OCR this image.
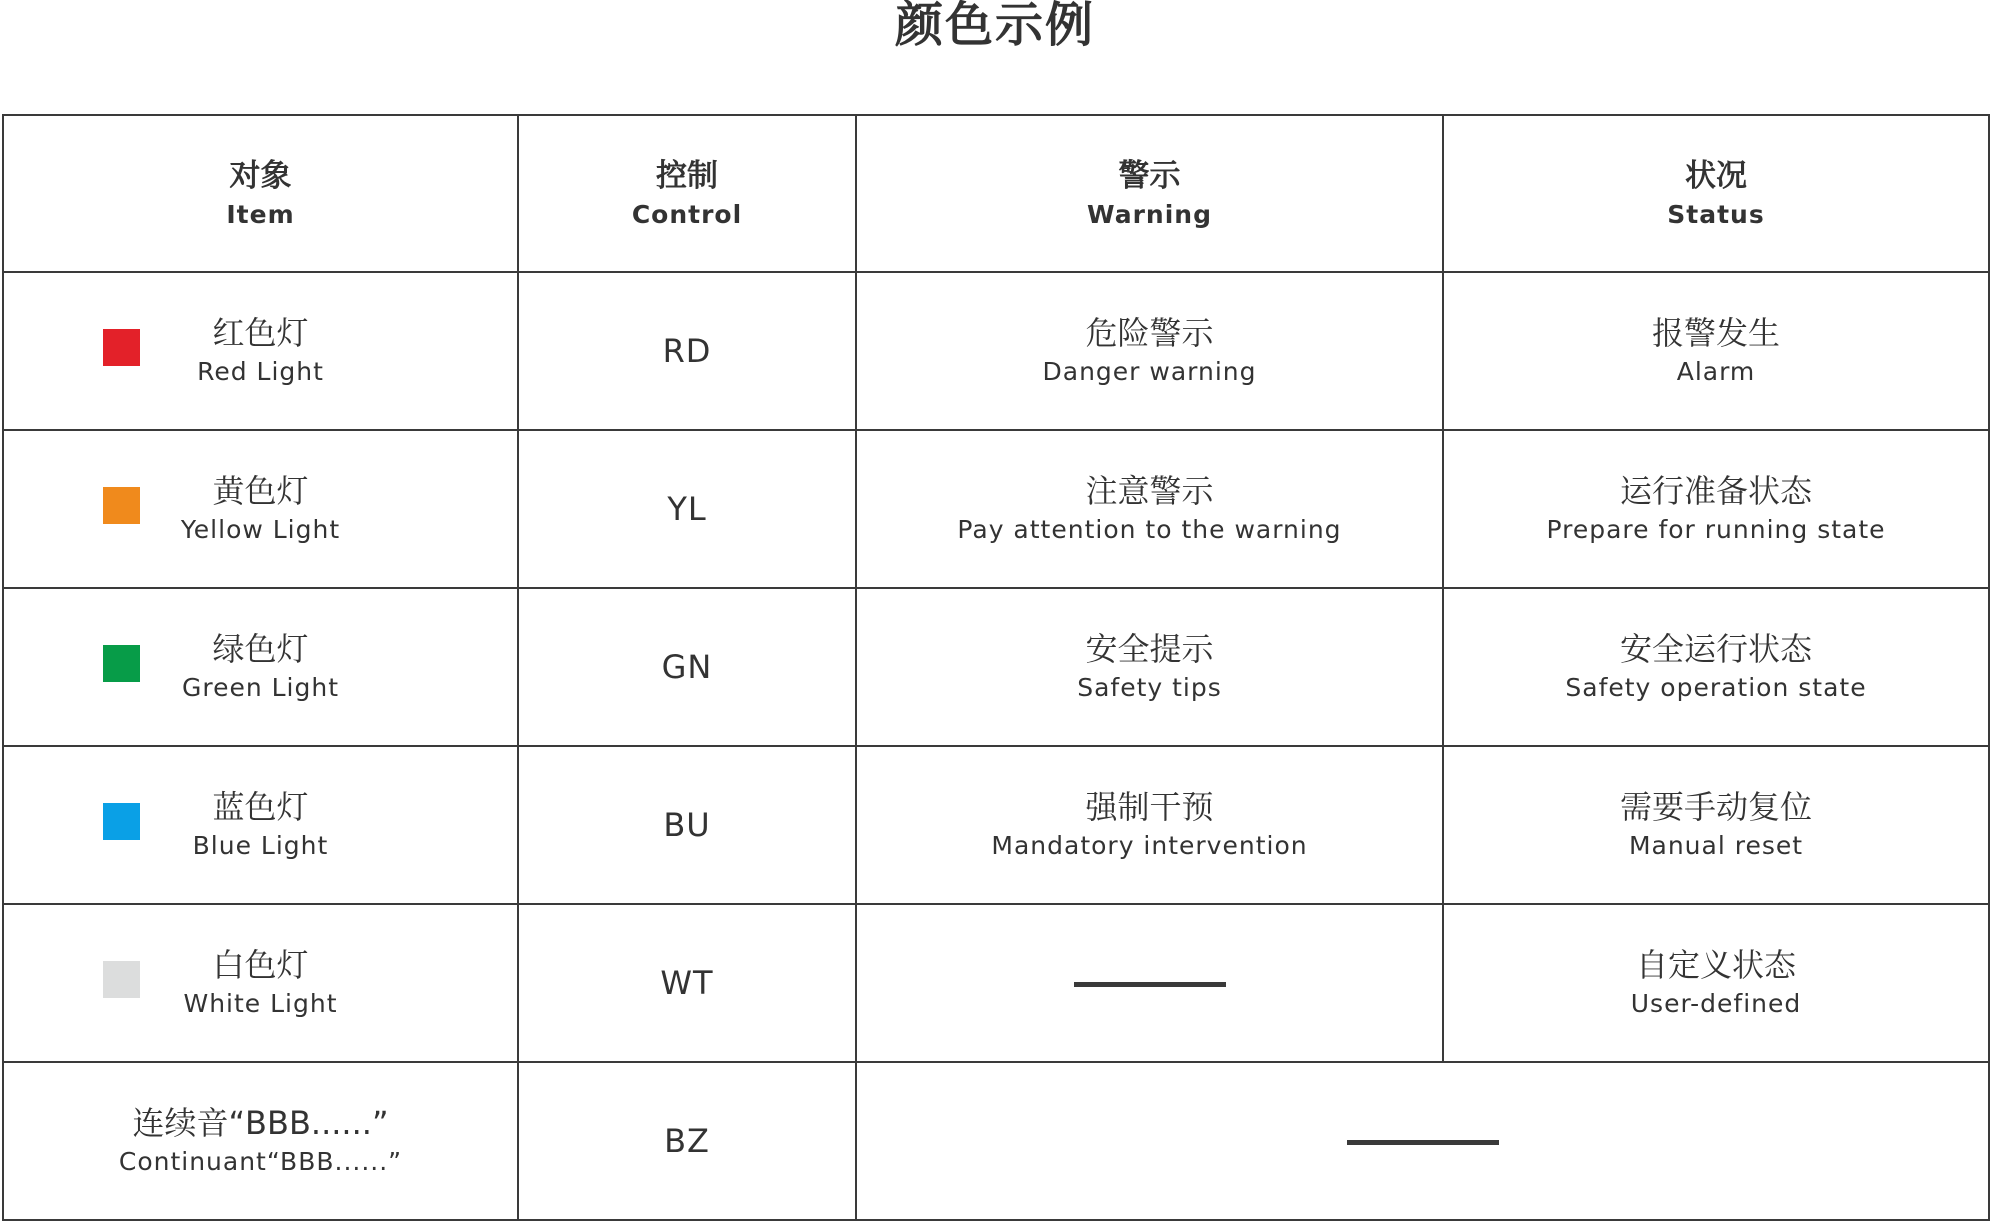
颜色示例
对象
Item	控制
Control	警示
Warning	状况
Status

红色灯
Red Light	RD	危险警示
Danger warning	报警发生
Alarm

黄色灯
Yellow Light	YL	注意警示
Pay attention to the warning	运行准备状态
Prepare for running state

绿色灯
Green Light	GN	安全提示
Safety tips	安全运行状态
Safety operation state

蓝色灯
Blue Light	BU	强制干预
Mandatory intervention	需要手动复位
Manual reset

白色灯
White Light	WT		自定义状态
User-defined

连续音“BBB......”
Continuant“BBB......”	BZ		
